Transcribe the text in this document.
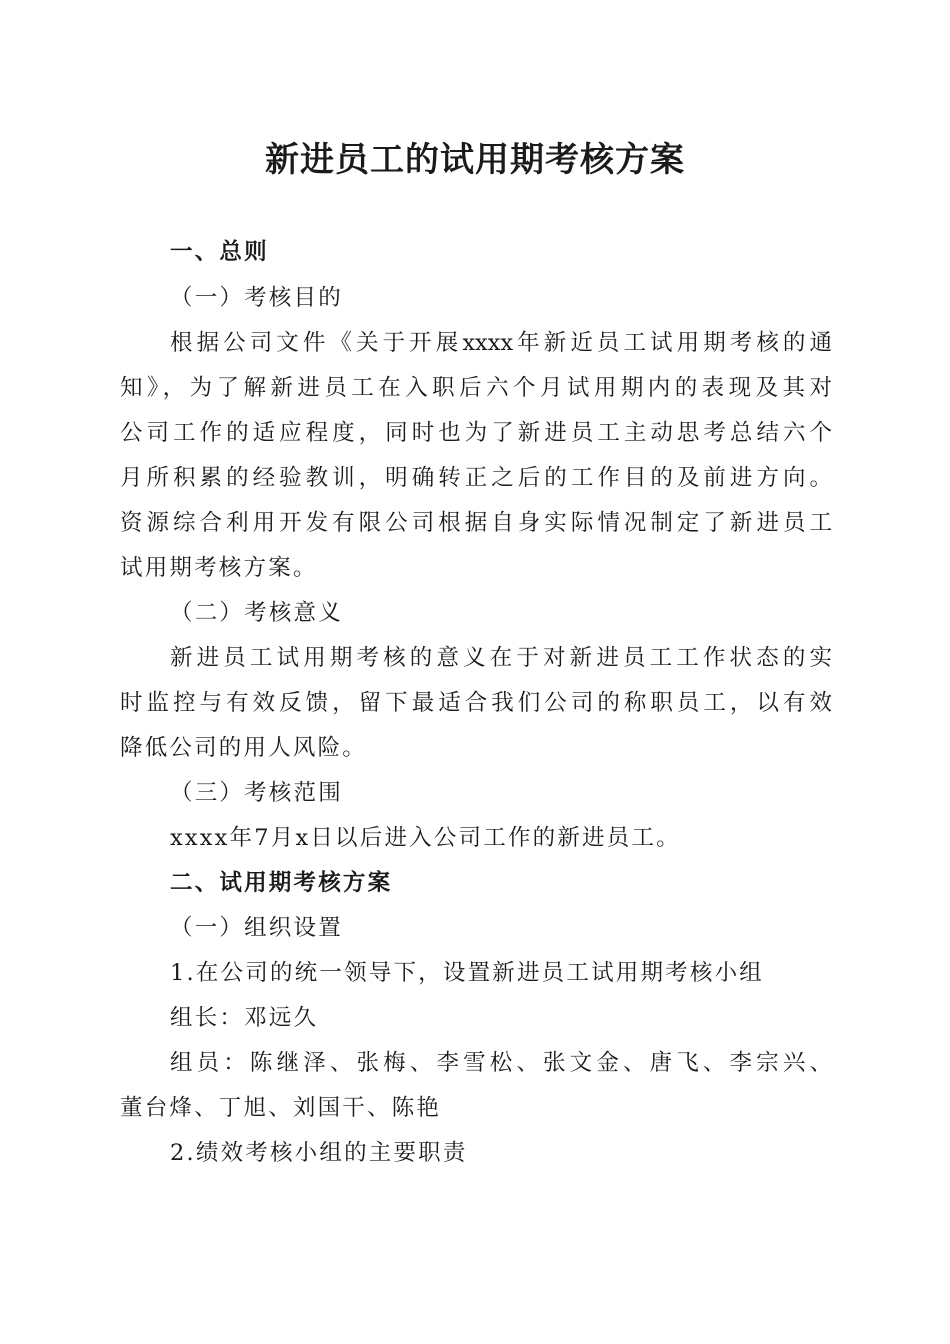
新进员工的试用期考核方案
一、总则
（一）考核目的
根据公司文件《关于开展xxxx年新近员工试用期考核的通
知》，为了解新进员工在入职后六个月试用期内的表现及其对
公司工作的适应程度，同时也为了新进员工主动思考总结六个
月所积累的经验教训，明确转正之后的工作目的及前进方向。
资源综合利用开发有限公司根据自身实际情况制定了新进员工
试用期考核方案。
（二）考核意义
新进员工试用期考核的意义在于对新进员工工作状态的实
时监控与有效反馈，留下最适合我们公司的称职员工，以有效
降低公司的用人风险。
（三）考核范围
xxxx年7月x日以后进入公司工作的新进员工。
二、试用期考核方案
（一）组织设置
1.在公司的统一领导下，设置新进员工试用期考核小组
组长：邓远久
组员：陈继泽、张梅、李雪松、张文金、唐飞、李宗兴、
董台烽、丁旭、刘国干、陈艳
2.绩效考核小组的主要职责
